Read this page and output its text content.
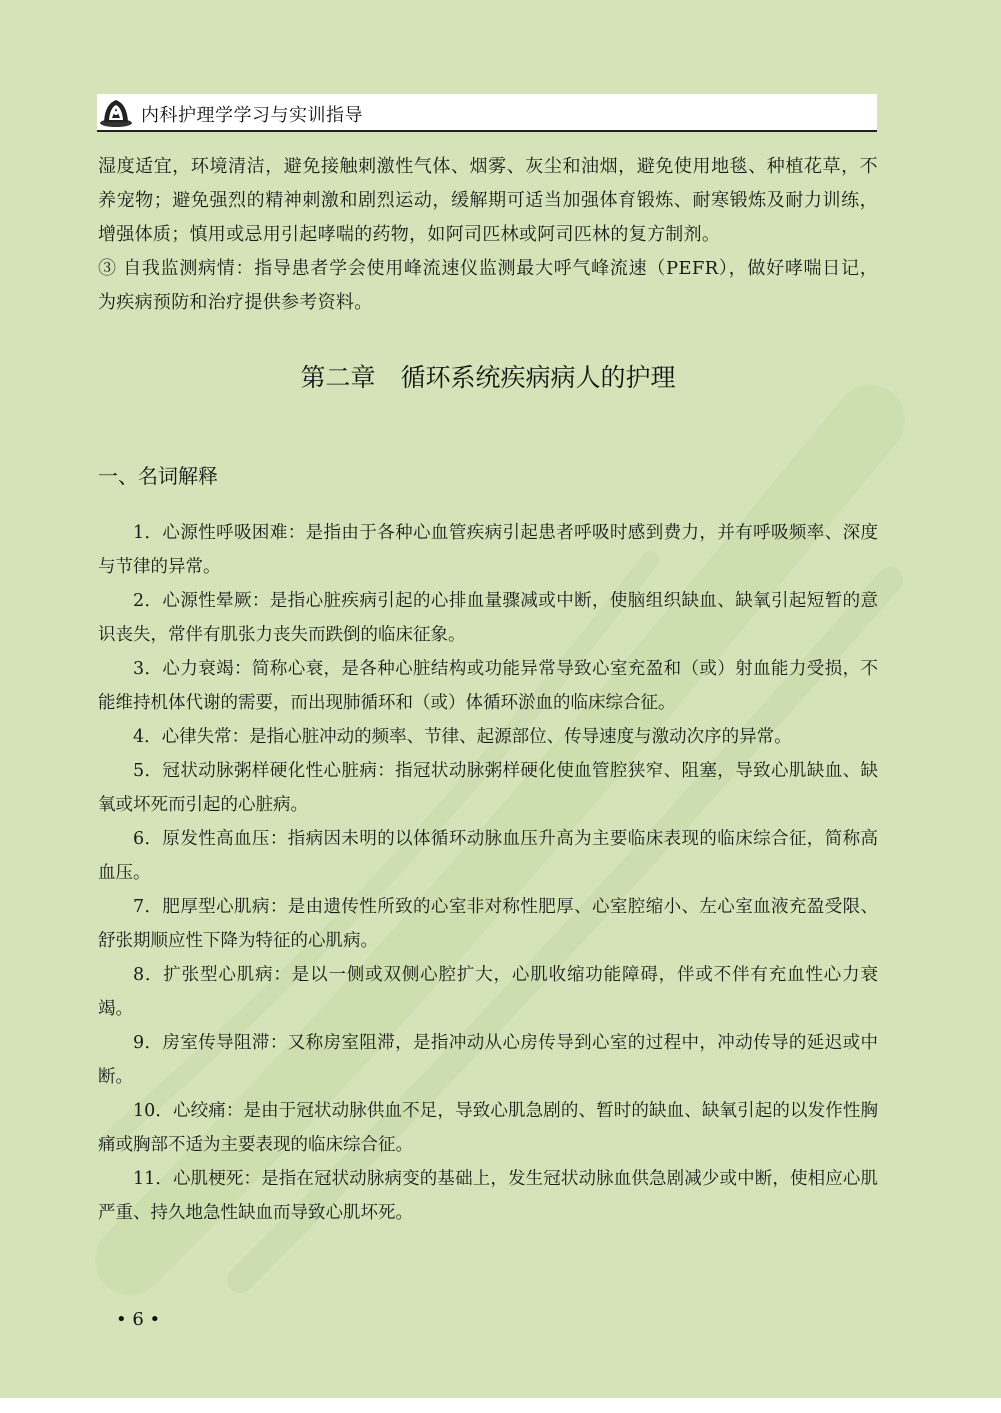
内科护理学学习与实训指导

湿度适宜，环境清洁，避免接触刺激性气体、烟雾、灰尘和油烟，避免使用地毯、种植花草，不养宠物；避免强烈的精神刺激和剧烈运动，缓解期可适当加强体育锻炼、耐寒锻炼及耐力训练，增强体质；慎用或忌用引起哮喘的药物，如阿司匹林或阿司匹林的复方制剂。

③ 自我监测病情：指导患者学会使用峰流速仪监测最大呼气峰流速（PEFR），做好哮喘日记，为疾病预防和治疗提供参考资料。

第二章　循环系统疾病病人的护理
一、名词解释

1．心源性呼吸困难：是指由于各种心血管疾病引起患者呼吸时感到费力，并有呼吸频率、深度与节律的异常。

2．心源性晕厥：是指心脏疾病引起的心排血量骤减或中断，使脑组织缺血、缺氧引起短暂的意识丧失，常伴有肌张力丧失而跌倒的临床征象。

3．心力衰竭：简称心衰，是各种心脏结构或功能异常导致心室充盈和（或）射血能力受损，不能维持机体代谢的需要，而出现肺循环和（或）体循环淤血的临床综合征。

4．心律失常：是指心脏冲动的频率、节律、起源部位、传导速度与激动次序的异常。

5．冠状动脉粥样硬化性心脏病：指冠状动脉粥样硬化使血管腔狭窄、阻塞，导致心肌缺血、缺氧或坏死而引起的心脏病。

6．原发性高血压：指病因未明的以体循环动脉血压升高为主要临床表现的临床综合征，简称高血压。

7．肥厚型心肌病：是由遗传性所致的心室非对称性肥厚、心室腔缩小、左心室血液充盈受限、舒张期顺应性下降为特征的心肌病。

8．扩张型心肌病：是以一侧或双侧心腔扩大，心肌收缩功能障碍，伴或不伴有充血性心力衰竭。

9．房室传导阻滞：又称房室阻滞，是指冲动从心房传导到心室的过程中，冲动传导的延迟或中断。

10．心绞痛：是由于冠状动脉供血不足，导致心肌急剧的、暂时的缺血、缺氧引起的以发作性胸痛或胸部不适为主要表现的临床综合征。

11．心肌梗死：是指在冠状动脉病变的基础上，发生冠状动脉血供急剧减少或中断，使相应心肌严重、持久地急性缺血而导致心肌坏死。

• 6 •
